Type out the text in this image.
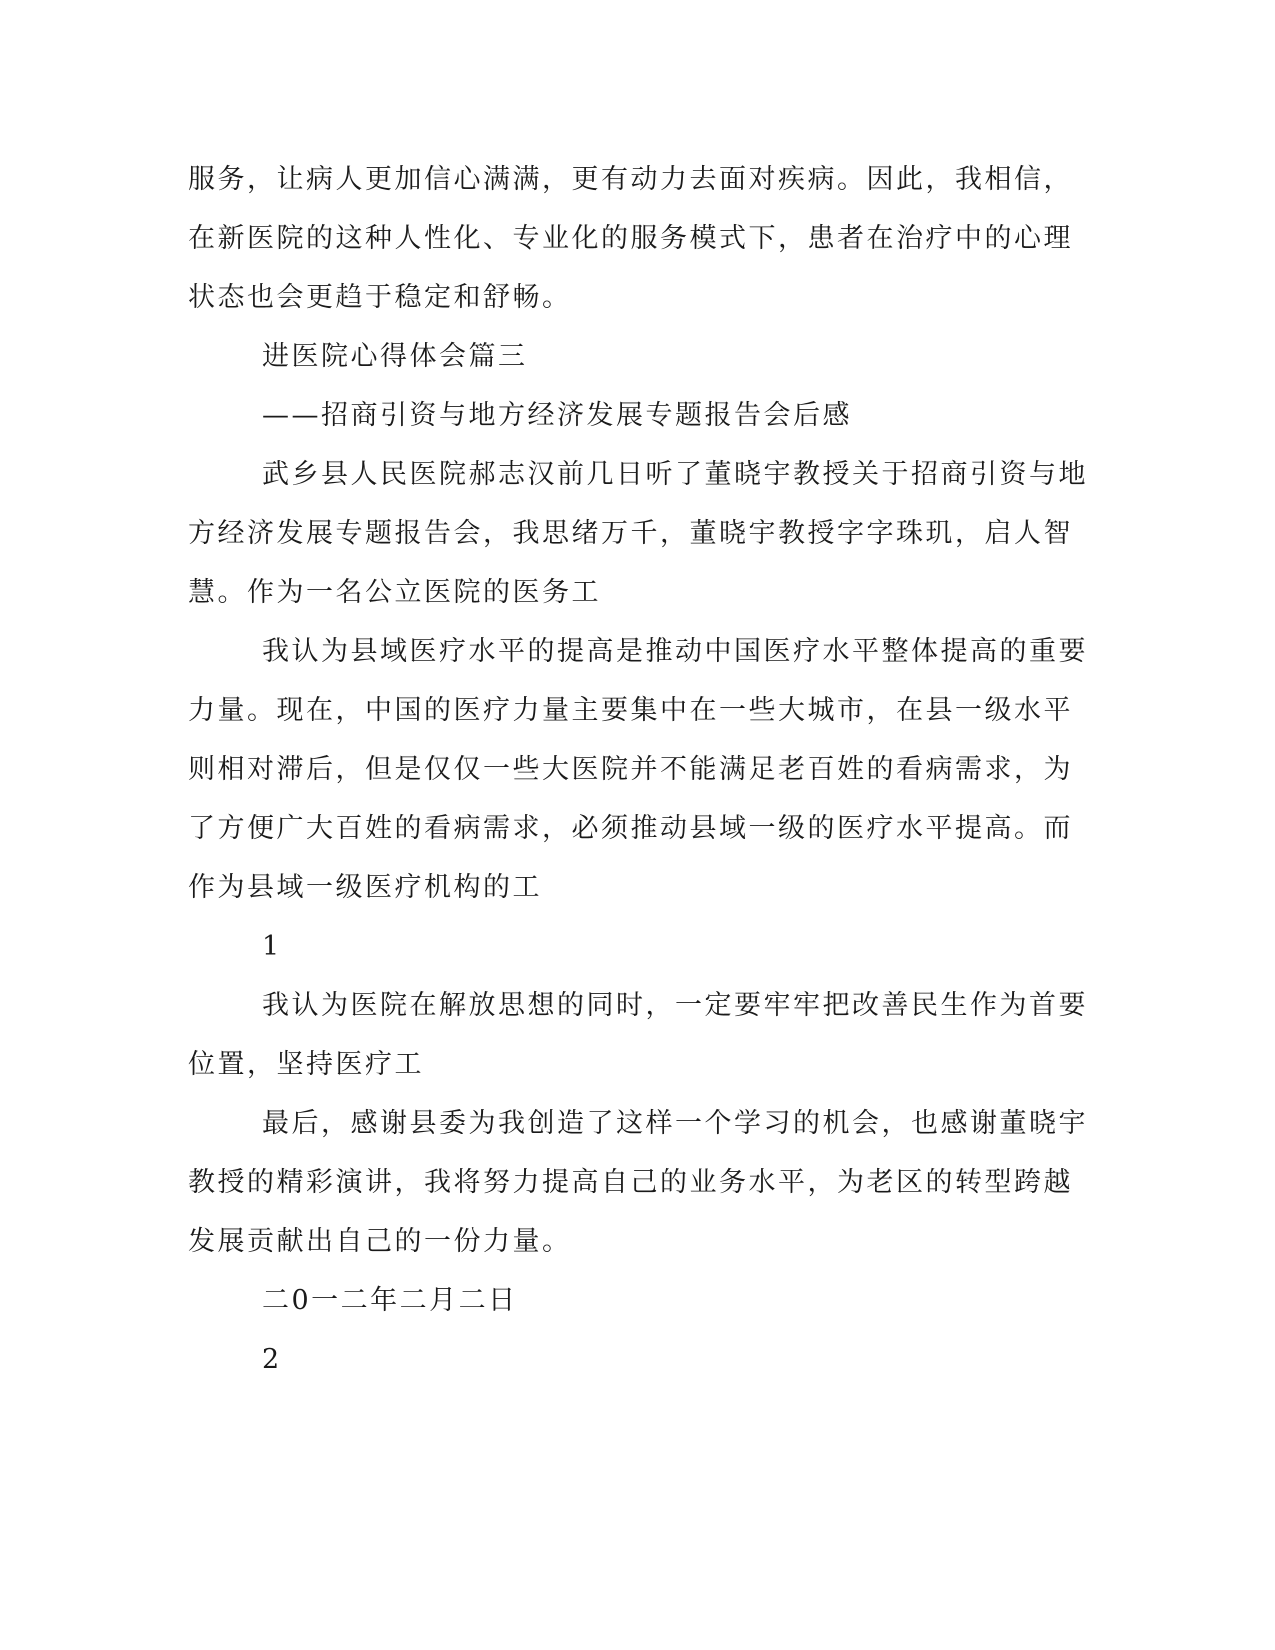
服务，让病人更加信心满满，更有动力去面对疾病。因此，我相信，
在新医院的这种人性化、专业化的服务模式下，患者在治疗中的心理
状态也会更趋于稳定和舒畅。
进医院心得体会篇三
——招商引资与地方经济发展专题报告会后感
武乡县人民医院郝志汉前几日听了董晓宇教授关于招商引资与地
方经济发展专题报告会，我思绪万千，董晓宇教授字字珠玑，启人智
慧。作为一名公立医院的医务工
我认为县域医疗水平的提高是推动中国医疗水平整体提高的重要
力量。现在，中国的医疗力量主要集中在一些大城市，在县一级水平
则相对滞后，但是仅仅一些大医院并不能满足老百姓的看病需求，为
了方便广大百姓的看病需求，必须推动县域一级的医疗水平提高。而
作为县域一级医疗机构的工
1
我认为医院在解放思想的同时，一定要牢牢把改善民生作为首要
位置，坚持医疗工
最后，感谢县委为我创造了这样一个学习的机会，也感谢董晓宇
教授的精彩演讲，我将努力提高自己的业务水平，为老区的转型跨越
发展贡献出自己的一份力量。
二0一二年二月二日
2
